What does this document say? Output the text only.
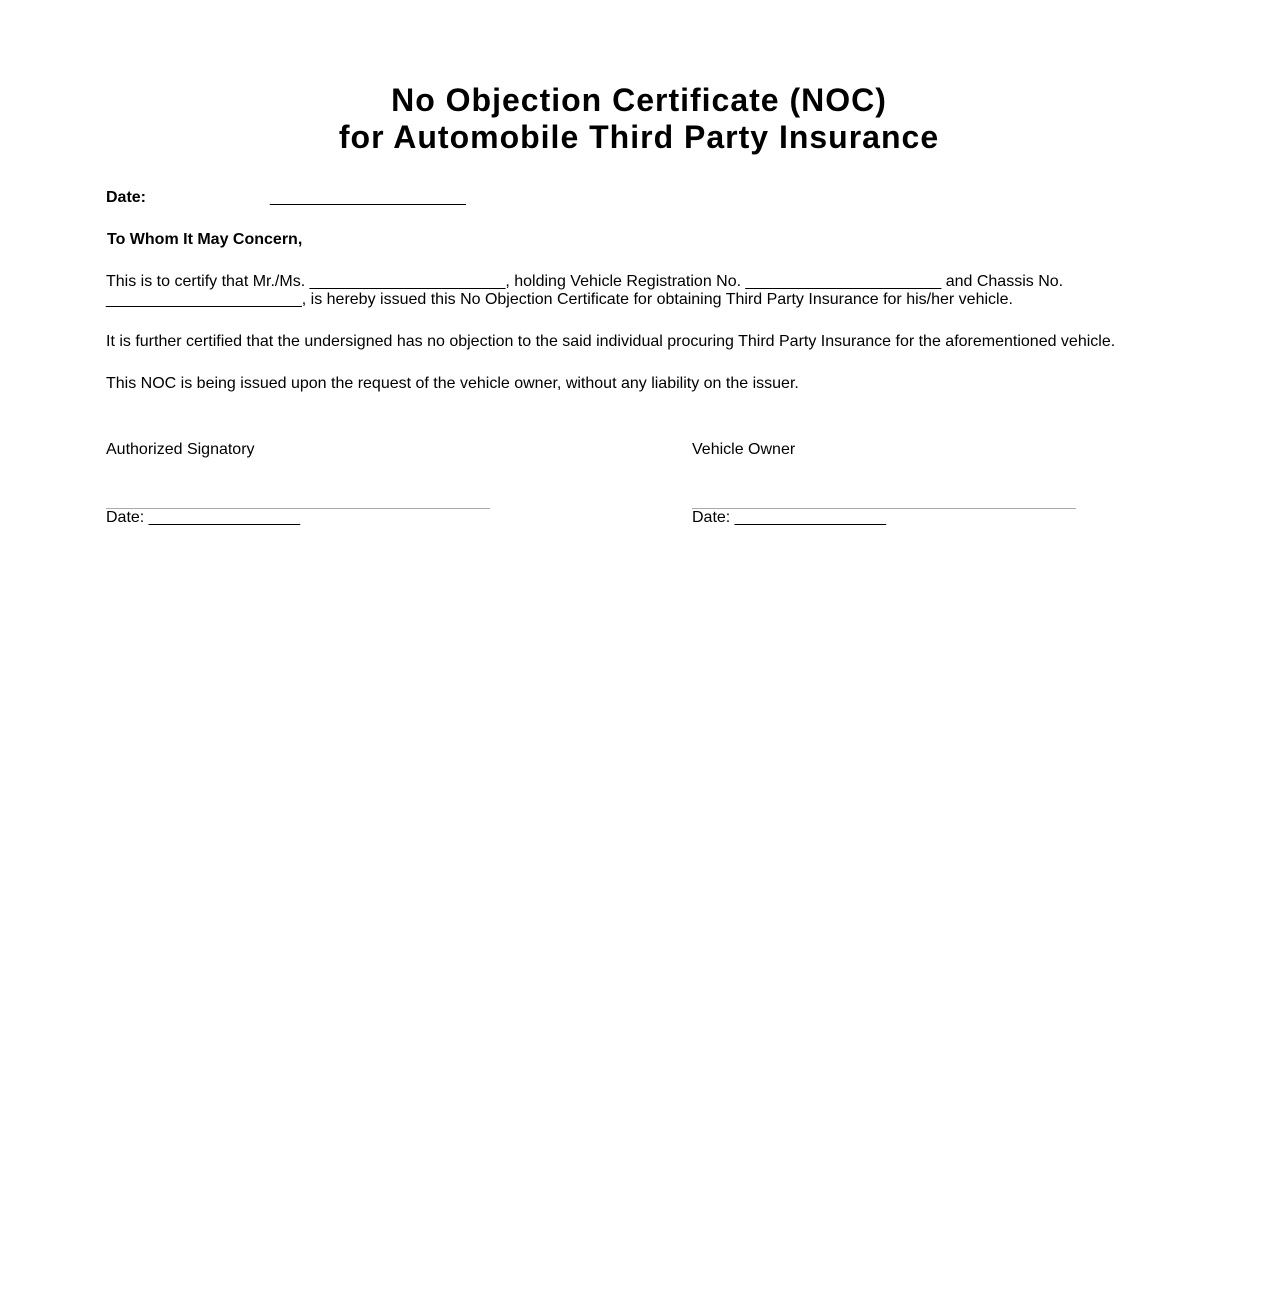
No Objection Certificate (NOC)
for Automobile Third Party Insurance
Date:	______________________
To Whom It May Concern,

This is to certify that Mr./Ms. ______________________, holding Vehicle Registration No. ______________________ and Chassis No. ______________________, is hereby issued this No Objection Certificate for obtaining Third Party Insurance for his/her vehicle.

It is further certified that the undersigned has no objection to the said individual procuring Third Party Insurance for the aforementioned vehicle.

This NOC is being issued upon the request of the vehicle owner, without any liability on the issuer.

Authorized Signatory
Date: _________________
Vehicle Owner
Date: _________________
